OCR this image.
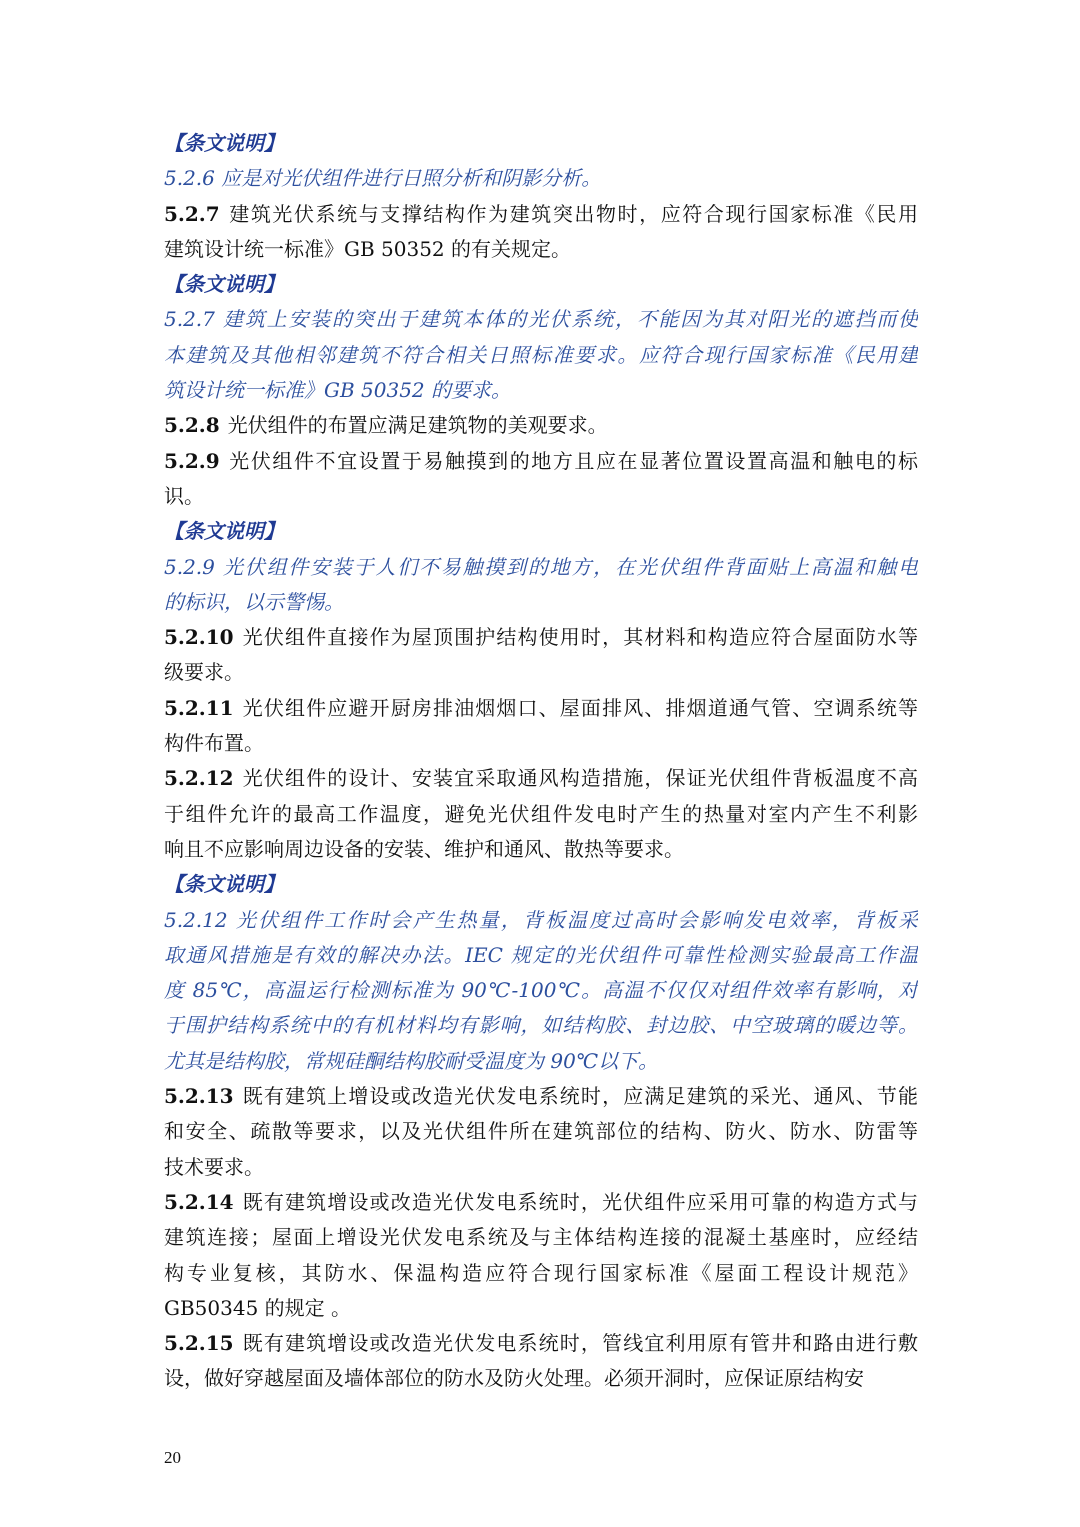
【条文说明】
5.2.6 应是对光伏组件进行日照分析和阴影分析。
5.2.7 建筑光伏系统与支撑结构作为建筑突出物时，应符合现行国家标准《民用
建筑设计统一标准》GB 50352 的有关规定。
【条文说明】
5.2.7 建筑上安装的突出于建筑本体的光伏系统，不能因为其对阳光的遮挡而使
本建筑及其他相邻建筑不符合相关日照标准要求。应符合现行国家标准《民用建
筑设计统一标准》GB 50352 的要求。
5.2.8 光伏组件的布置应满足建筑物的美观要求。
5.2.9 光伏组件不宜设置于易触摸到的地方且应在显著位置设置高温和触电的标
识。
【条文说明】
5.2.9 光伏组件安装于人们不易触摸到的地方，在光伏组件背面贴上高温和触电
的标识，以示警惕。
5.2.10 光伏组件直接作为屋顶围护结构使用时，其材料和构造应符合屋面防水等
级要求。
5.2.11 光伏组件应避开厨房排油烟烟口、屋面排风、排烟道通气管、空调系统等
构件布置。
5.2.12 光伏组件的设计、安装宜采取通风构造措施，保证光伏组件背板温度不高
于组件允许的最高工作温度，避免光伏组件发电时产生的热量对室内产生不利影
响且不应影响周边设备的安装、维护和通风、散热等要求。
【条文说明】
5.2.12 光伏组件工作时会产生热量，背板温度过高时会影响发电效率，背板采
取通风措施是有效的解决办法。IEC 规定的光伏组件可靠性检测实验最高工作温
度 85℃，高温运行检测标准为 90℃-100℃。高温不仅仅对组件效率有影响，对
于围护结构系统中的有机材料均有影响，如结构胶、封边胶、中空玻璃的暖边等。
尤其是结构胶，常规硅酮结构胶耐受温度为 90℃以下。
5.2.13 既有建筑上增设或改造光伏发电系统时，应满足建筑的采光、通风、节能
和安全、疏散等要求，以及光伏组件所在建筑部位的结构、防火、防水、防雷等
技术要求。
5.2.14 既有建筑增设或改造光伏发电系统时，光伏组件应采用可靠的构造方式与
建筑连接；屋面上增设光伏发电系统及与主体结构连接的混凝土基座时，应经结
构专业复核，其防水、保温构造应符合现行国家标准《屋面工程设计规范》
GB50345 的规定 。
5.2.15 既有建筑增设或改造光伏发电系统时，管线宜利用原有管井和路由进行敷
设，做好穿越屋面及墙体部位的防水及防火处理。必须开洞时，应保证原结构安
20
